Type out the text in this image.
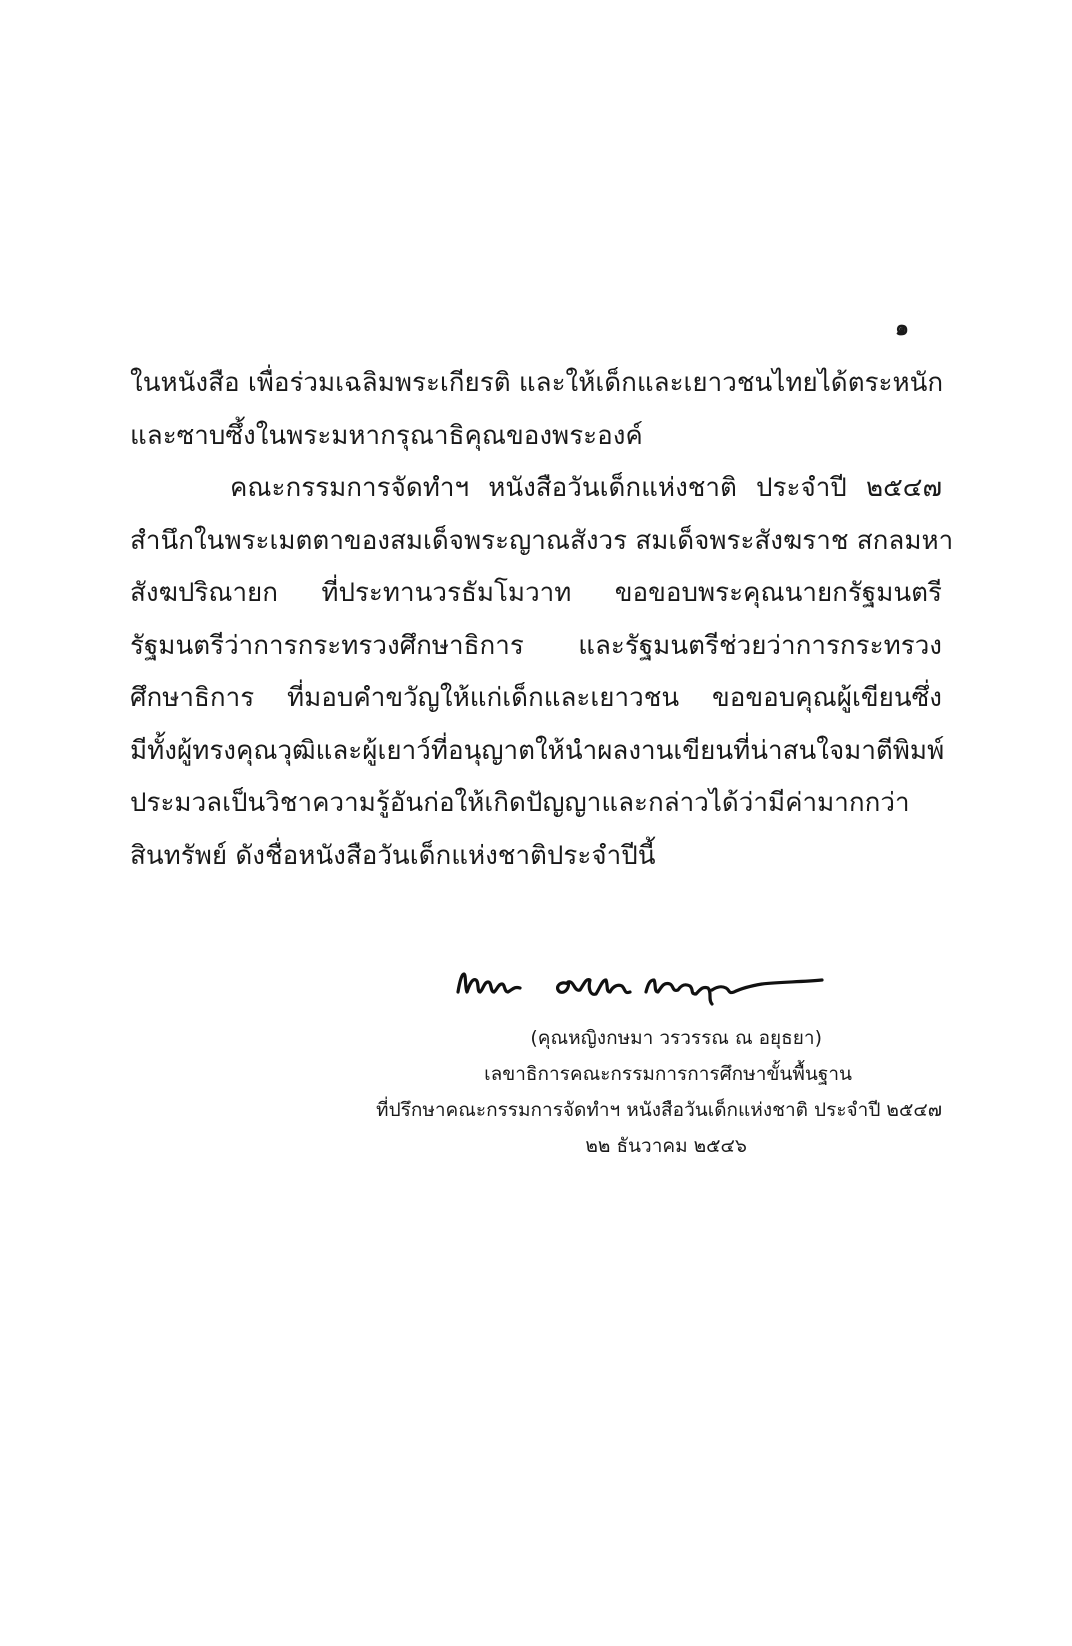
๑
ในหนังสือ เพื่อร่วมเฉลิมพระเกียรติ และให้เด็กและเยาวชนไทยได้ตระหนัก
และซาบซึ้งในพระมหากรุณาธิคุณของพระองค์
คณะกรรมการจัดทำฯ หนังสือวันเด็กแห่งชาติ ประจำปี ๒๕๔๗
สำนึกในพระเมตตาของสมเด็จพระญาณสังวร สมเด็จพระสังฆราช สกลมหา
สังฆปริณายก ที่ประทานวรธัมโมวาท ขอขอบพระคุณนายกรัฐมนตรี
รัฐมนตรีว่าการกระทรวงศึกษาธิการ และรัฐมนตรีช่วยว่าการกระทรวง
ศึกษาธิการ ที่มอบคำขวัญให้แก่เด็กและเยาวชน ขอขอบคุณผู้เขียนซึ่ง
มีทั้งผู้ทรงคุณวุฒิและผู้เยาว์ที่อนุญาตให้นำผลงานเขียนที่น่าสนใจมาตีพิมพ์
ประมวลเป็นวิชาความรู้อันก่อให้เกิดปัญญาและกล่าวได้ว่ามีค่ามากกว่า
สินทรัพย์ ดังชื่อหนังสือวันเด็กแห่งชาติประจำปีนี้
(คุณหญิงกษมา วรวรรณ ณ อยุธยา)
เลขาธิการคณะกรรมการการศึกษาขั้นพื้นฐาน
ที่ปรึกษาคณะกรรมการจัดทำฯ หนังสือวันเด็กแห่งชาติ ประจำปี ๒๕๔๗
๒๒ ธันวาคม ๒๕๔๖
